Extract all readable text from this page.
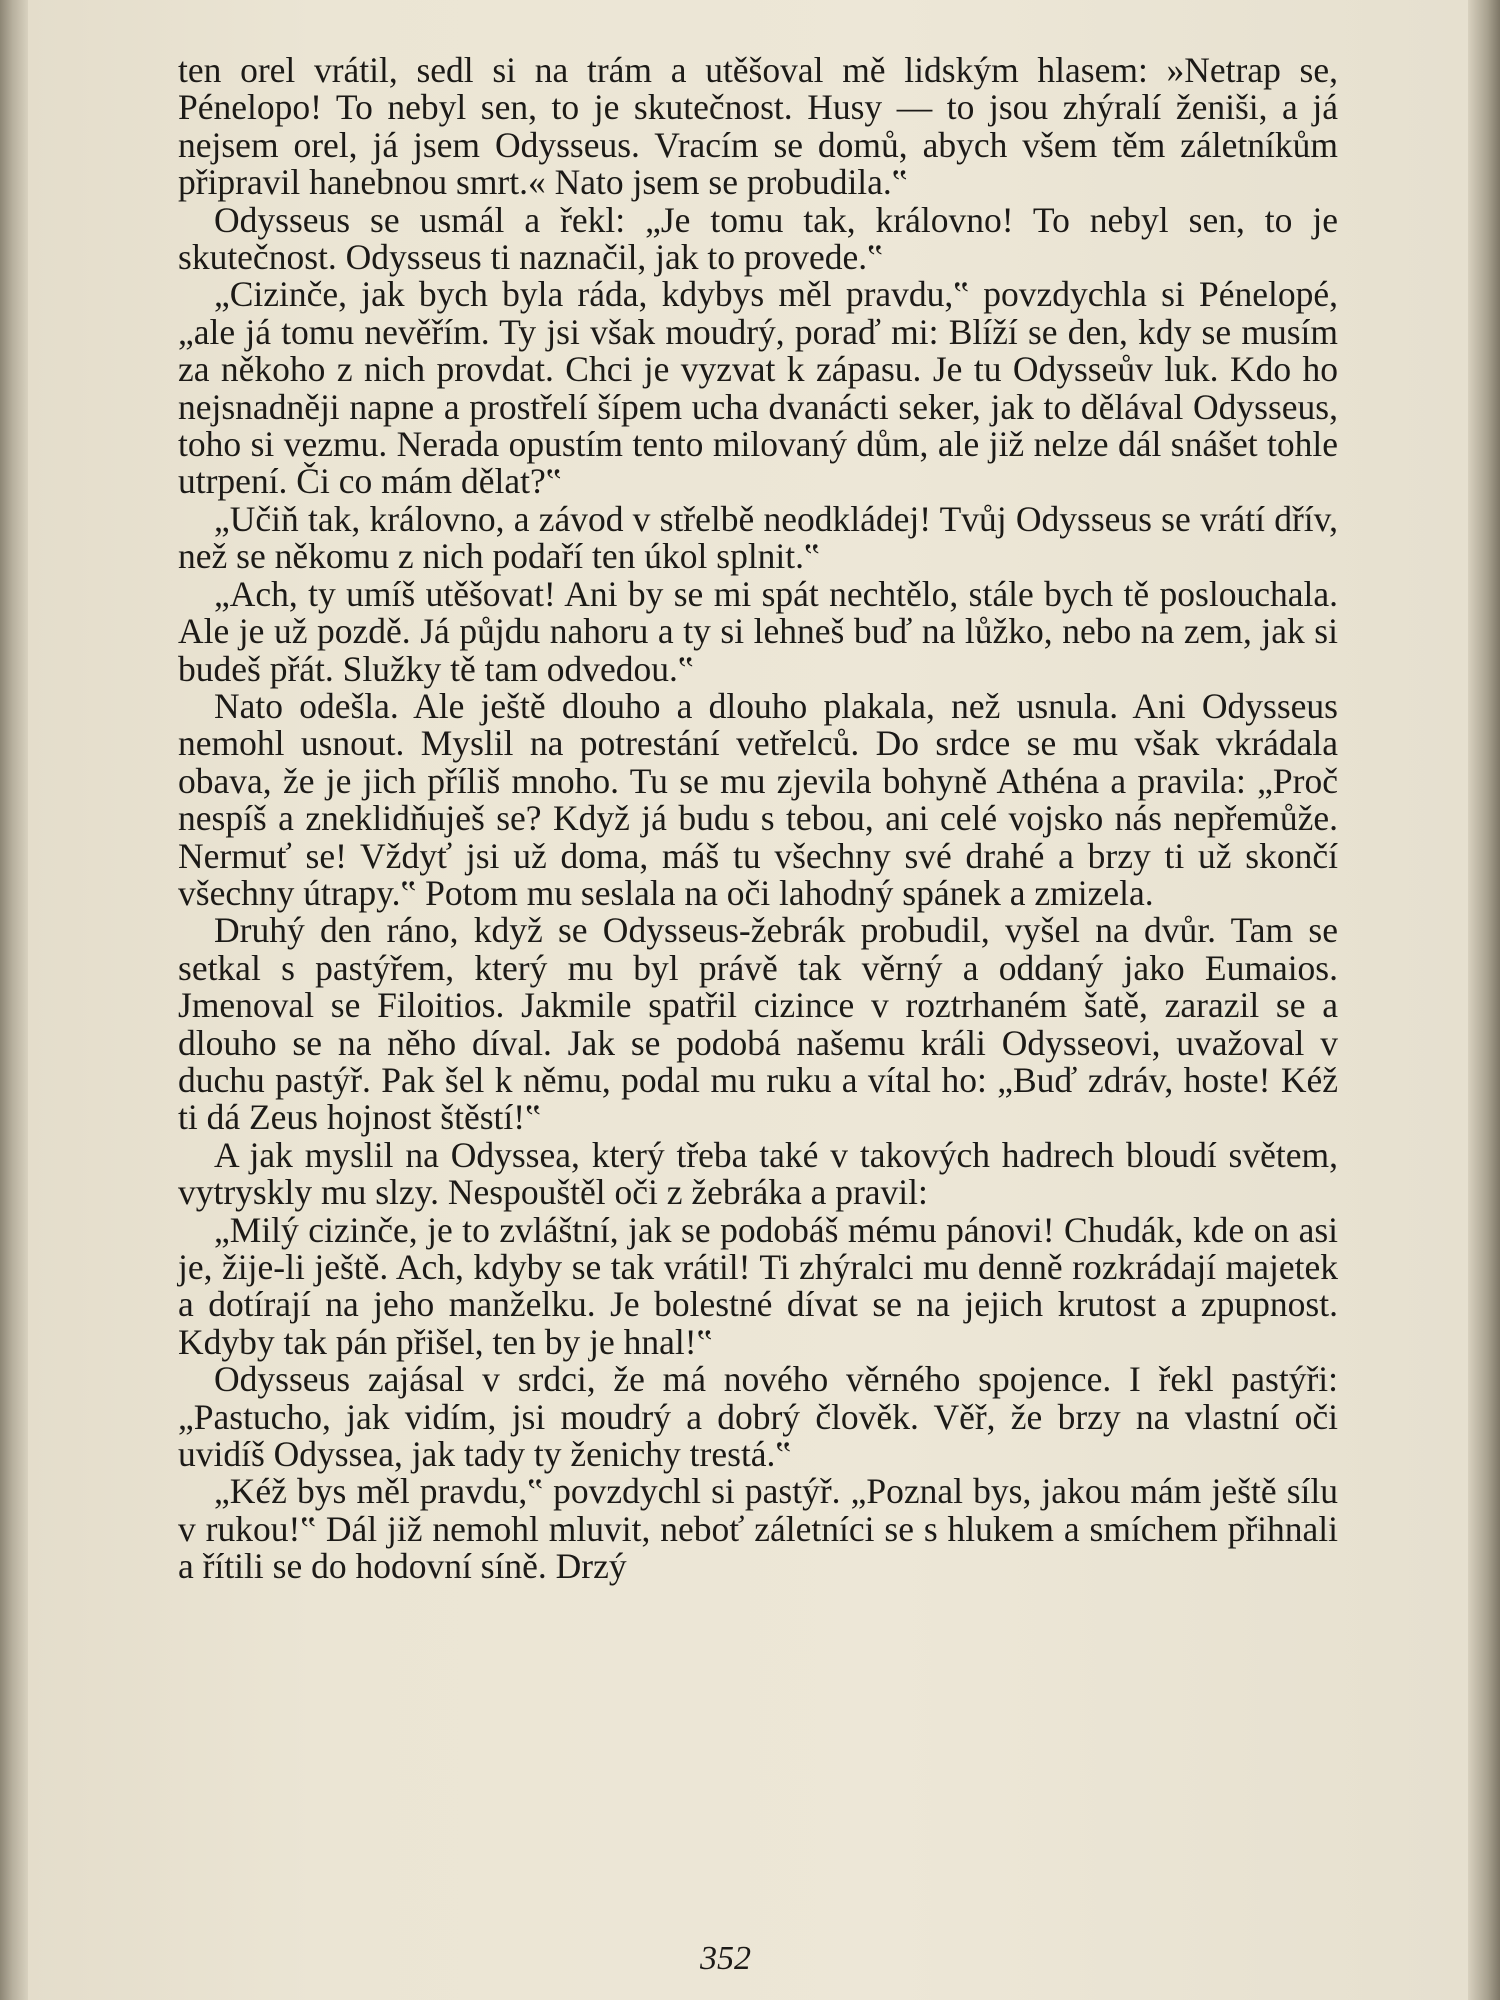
ten orel vrátil, sedl si na trám a utěšoval mě lidským hlasem: »Netrap se, Pénelopo! To nebyl sen, to je skutečnost. Husy — to jsou zhýralí ženiši, a já nejsem orel, já jsem Odysseus. Vracím se domů, abych všem těm záletníkům připravil hanebnou smrt.« Nato jsem se probudila.‟

Odysseus se usmál a řekl: „Je tomu tak, královno! To nebyl sen, to je skutečnost. Odysseus ti naznačil, jak to provede.‟

„Cizinče, jak bych byla ráda, kdybys měl pravdu,‟ povzdychla si Pénelopé, „ale já tomu nevěřím. Ty jsi však moudrý, poraď mi: Blíží se den, kdy se musím za někoho z nich provdat. Chci je vyzvat k zápasu. Je tu Odysseův luk. Kdo ho nejsnadněji napne a prostřelí šípem ucha dvanácti seker, jak to dělával Odysseus, toho si vezmu. Nerada opustím tento milovaný dům, ale již nelze dál snášet tohle utrpení. Či co mám dělat?‟

„Učiň tak, královno, a závod v střelbě neodkládej! Tvůj Odysseus se vrátí dřív, než se někomu z nich podaří ten úkol splnit.‟

„Ach, ty umíš utěšovat! Ani by se mi spát nechtělo, stále bych tě poslouchala. Ale je už pozdě. Já půjdu nahoru a ty si lehneš buď na lůžko, nebo na zem, jak si budeš přát. Služky tě tam odvedou.‟

Nato odešla. Ale ještě dlouho a dlouho plakala, než usnula. Ani Odysseus nemohl usnout. Myslil na potrestání vetřelců. Do srdce se mu však vkrádala obava, že je jich příliš mnoho. Tu se mu zjevila bohyně Athéna a pravila: „Proč nespíš a zneklidňuješ se? Když já budu s tebou, ani celé vojsko nás nepřemůže. Nermuť se! Vždyť jsi už doma, máš tu všechny své drahé a brzy ti už skončí všechny útrapy.‟ Potom mu seslala na oči lahodný spánek a zmizela.

Druhý den ráno, když se Odysseus-žebrák probudil, vyšel na dvůr. Tam se setkal s pastýřem, který mu byl právě tak věrný a oddaný jako Eumaios. Jmenoval se Filoitios. Jakmile spatřil cizince v roztrhaném šatě, zarazil se a dlouho se na něho díval. Jak se podobá našemu králi Odysseovi, uvažoval v duchu pastýř. Pak šel k němu, podal mu ruku a vítal ho: „Buď zdráv, hoste! Kéž ti dá Zeus hojnost štěstí!‟

A jak myslil na Odyssea, který třeba také v takových hadrech bloudí světem, vytryskly mu slzy. Nespouštěl oči z žebráka a pravil:

„Milý cizinče, je to zvláštní, jak se podobáš mému pánovi! Chudák, kde on asi je, žije-li ještě. Ach, kdyby se tak vrátil! Ti zhýralci mu denně rozkrádají majetek a dotírají na jeho manželku. Je bolestné dívat se na jejich krutost a zpupnost. Kdyby tak pán přišel, ten by je hnal!‟

Odysseus zajásal v srdci, že má nového věrného spojence. I řekl pastýři: „Pastucho, jak vidím, jsi moudrý a dobrý člověk. Věř, že brzy na vlastní oči uvidíš Odyssea, jak tady ty ženichy trestá.‟

„Kéž bys měl pravdu,‟ povzdychl si pastýř. „Poznal bys, jakou mám ještě sílu v rukou!‟ Dál již nemohl mluvit, neboť záletníci se s hlukem a smíchem přihnali a řítili se do hodovní síně. Drzý

352
